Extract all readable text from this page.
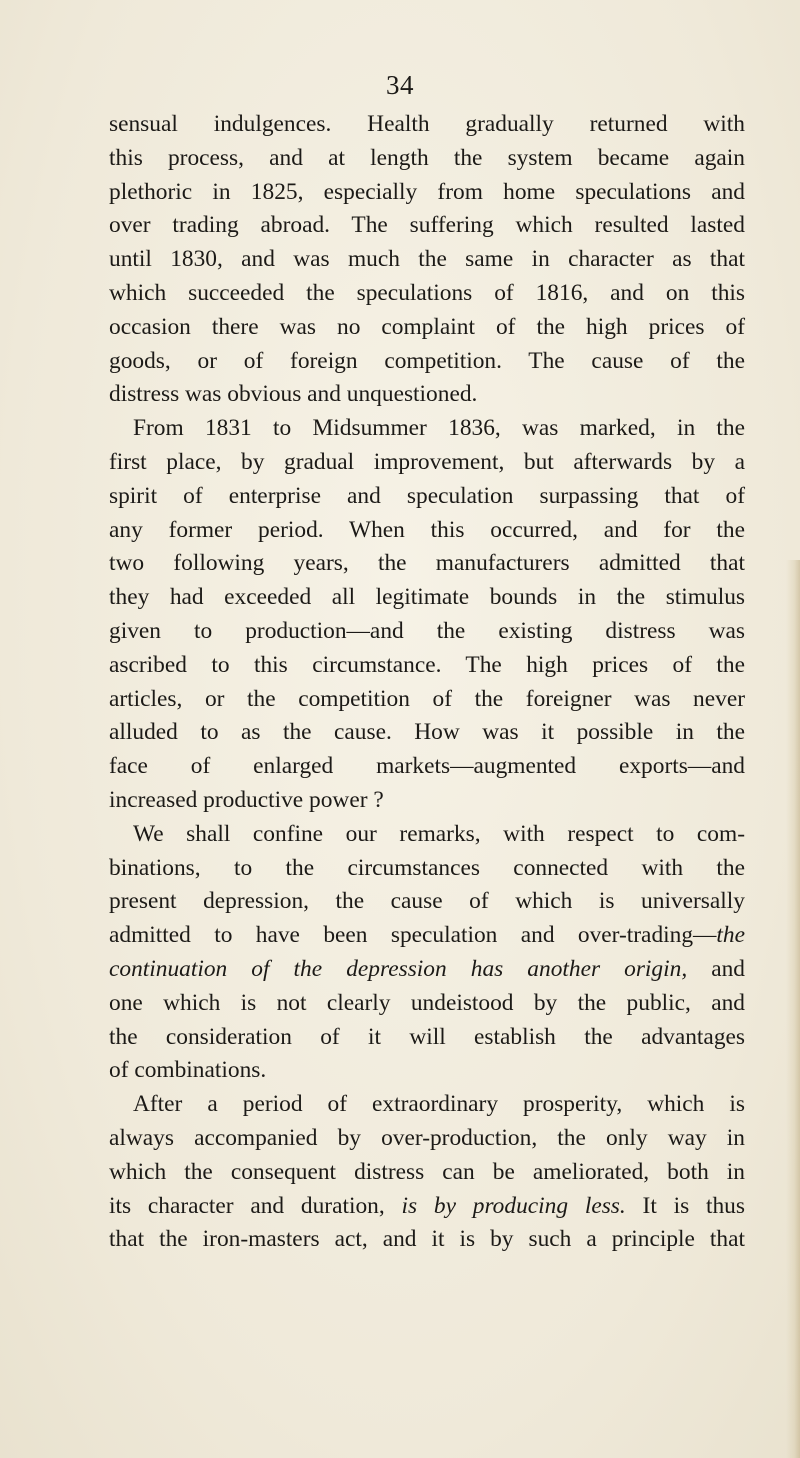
34
sensual indulgences. Health gradually returned with
this process, and at length the system became again
plethoric in 1825, especially from home speculations and
over trading abroad. The suffering which resulted lasted
until 1830, and was much the same in character as that
which succeeded the speculations of 1816, and on this
occasion there was no complaint of the high prices of
goods, or of foreign competition. The cause of the
distress was obvious and unquestioned.
From 1831 to Midsummer 1836, was marked, in the
first place, by gradual improvement, but afterwards by a
spirit of enterprise and speculation surpassing that of
any former period. When this occurred, and for the
two following years, the manufacturers admitted that
they had exceeded all legitimate bounds in the stimulus
given to production—and the existing distress was
ascribed to this circumstance. The high prices of the
articles, or the competition of the foreigner was never
alluded to as the cause. How was it possible in the
face of enlarged markets—augmented exports—and
increased productive power ?
We shall confine our remarks, with respect to com-
binations, to the circumstances connected with the
present depression, the cause of which is universally
admitted to have been speculation and over-trading—the
continuation of the depression has another origin, and
one which is not clearly undeistood by the public, and
the consideration of it will establish the advantages
of combinations.
After a period of extraordinary prosperity, which is
always accompanied by over-production, the only way in
which the consequent distress can be ameliorated, both in
its character and duration, is by producing less. It is thus
that the iron-masters act, and it is by such a principle that
